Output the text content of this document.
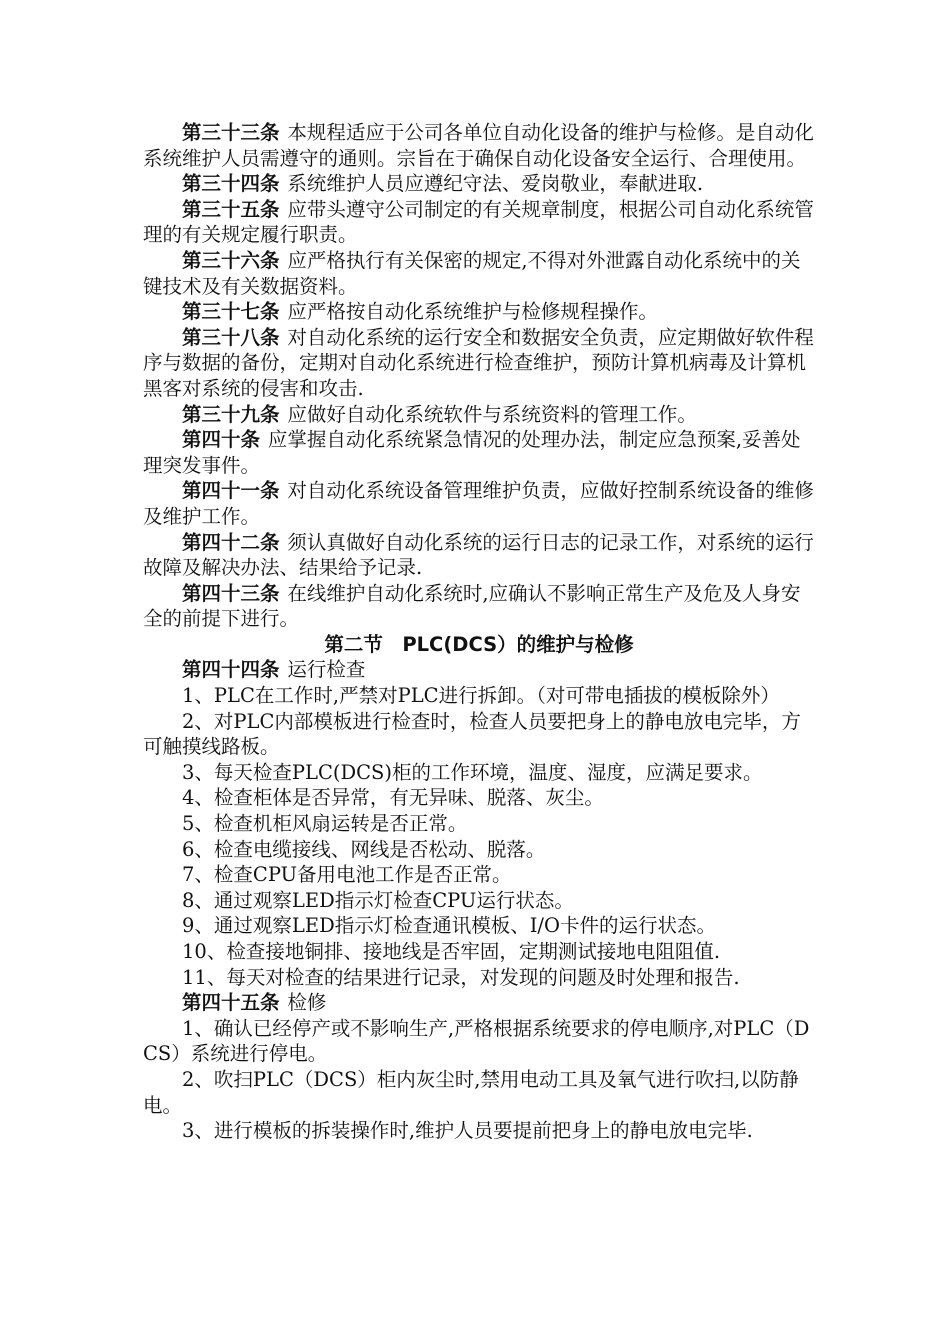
第三十三条 本规程适应于公司各单位自动化设备的维护与检修。是自动化系统维护人员需遵守的通则。宗旨在于确保自动化设备安全运行、合理使用。

第三十四条 系统维护人员应遵纪守法、爱岗敬业，奉献进取.

第三十五条 应带头遵守公司制定的有关规章制度，根据公司自动化系统管理的有关规定履行职责。

第三十六条 应严格执行有关保密的规定,不得对外泄露自动化系统中的关键技术及有关数据资料。

第三十七条 应严格按自动化系统维护与检修规程操作。

第三十八条 对自动化系统的运行安全和数据安全负责，应定期做好软件程序与数据的备份，定期对自动化系统进行检查维护，预防计算机病毒及计算机黑客对系统的侵害和攻击.

第三十九条 应做好自动化系统软件与系统资料的管理工作。

第四十条 应掌握自动化系统紧急情况的处理办法，制定应急预案,妥善处理突发事件。

第四十一条 对自动化系统设备管理维护负责，应做好控制系统设备的维修及维护工作。

第四十二条 须认真做好自动化系统的运行日志的记录工作，对系统的运行故障及解决办法、结果给予记录.

第四十三条 在线维护自动化系统时,应确认不影响正常生产及危及人身安全的前提下进行。

第二节　PLC(DCS）的维护与检修

第四十四条 运行检查

1、PLC在工作时,严禁对PLC进行拆卸。（对可带电插拔的模板除外）

2、对PLC内部模板进行检查时，检查人员要把身上的静电放电完毕，方可触摸线路板。

3、每天检查PLC(DCS)柜的工作环境，温度、湿度，应满足要求。

4、检查柜体是否异常，有无异味、脱落、灰尘。

5、检查机柜风扇运转是否正常。

6、检查电缆接线、网线是否松动、脱落。

7、检查CPU备用电池工作是否正常。

8、通过观察LED指示灯检查CPU运行状态。

9、通过观察LED指示灯检查通讯模板、I/O卡件的运行状态。

10、检查接地铜排、接地线是否牢固，定期测试接地电阻阻值.

11、每天对检查的结果进行记录，对发现的问题及时处理和报告.

第四十五条 检修

1、确认已经停产或不影响生产,严格根据系统要求的停电顺序,对PLC（DCS）系统进行停电。

2、吹扫PLC（DCS）柜内灰尘时,禁用电动工具及氧气进行吹扫,以防静电。

3、进行模板的拆装操作时,维护人员要提前把身上的静电放电完毕.
